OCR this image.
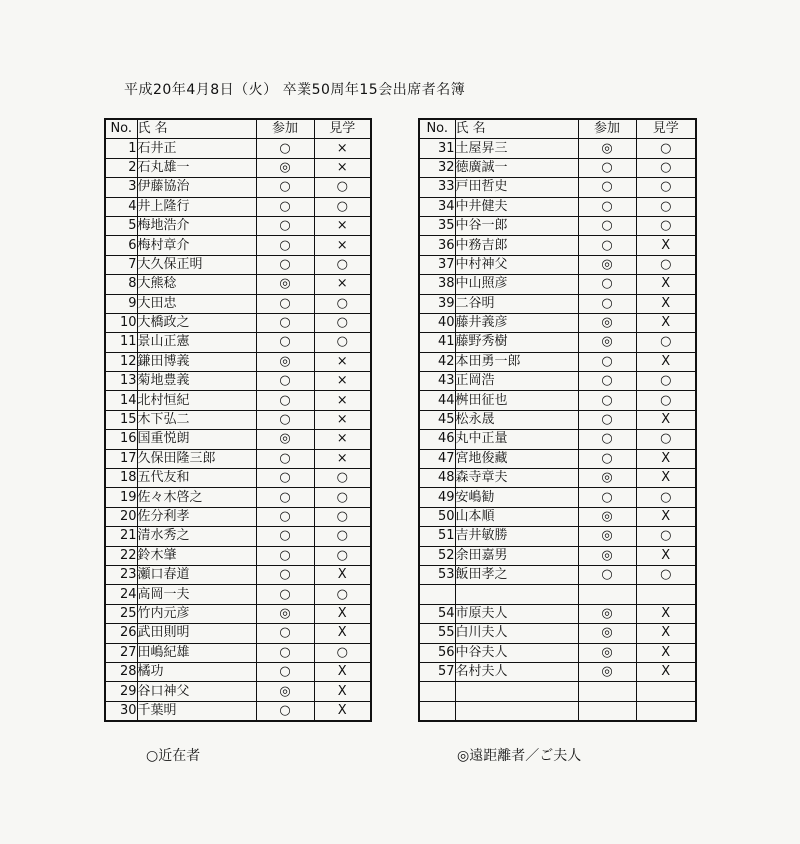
平成20年4月8日（火） 卒業50周年15会出席者名簿
No.	氏 名	参加	見学
1	石井正	○	×
2	石丸雄一	◎	×
3	伊藤協治	○	○
4	井上隆行	○	○
5	梅地浩介	○	×
6	梅村章介	○	×
7	大久保正明	○	○
8	大熊稔	◎	×
9	大田忠	○	○
10	大橋政之	○	○
11	景山正憲	○	○
12	鎌田博義	◎	×
13	菊地豊義	○	×
14	北村恒紀	○	×
15	木下弘二	○	×
16	国重悦朗	◎	×
17	久保田隆三郎	○	×
18	五代友和	○	○
19	佐々木啓之	○	○
20	佐分利孝	○	○
21	清水秀之	○	○
22	鈴木肇	○	○
23	瀬口春道	○	X
24	高岡一夫	○	○
25	竹内元彦	◎	X
26	武田則明	○	X
27	田嶋紀雄	○	○
28	橘功	○	X
29	谷口神父	◎	X
30	千葉明	○	X
No.	氏 名	参加	見学
31	土屋昇三	◎	○
32	徳廣誠一	○	○
33	戸田哲史	○	○
34	中井健夫	○	○
35	中谷一郎	○	○
36	中務吉郎	○	X
37	中村神父	◎	○
38	中山照彦	○	X
39	二谷明	○	X
40	藤井義彦	◎	X
41	藤野秀樹	◎	○
42	本田勇一郎	○	X
43	正岡浩	○	○
44	桝田征也	○	○
45	松永晟	○	X
46	丸中正量	○	○
47	宮地俊藏	○	X
48	森寺章夫	◎	X
49	安嶋勧	○	○
50	山本順	◎	X
51	吉井敏勝	◎	○
52	余田嘉男	◎	X
53	飯田孝之	○	○

54	市原夫人	◎	X
55	白川夫人	◎	X
56	中谷夫人	◎	X
57	名村夫人	◎	X

○近在者	◎遠距離者／ご夫人
